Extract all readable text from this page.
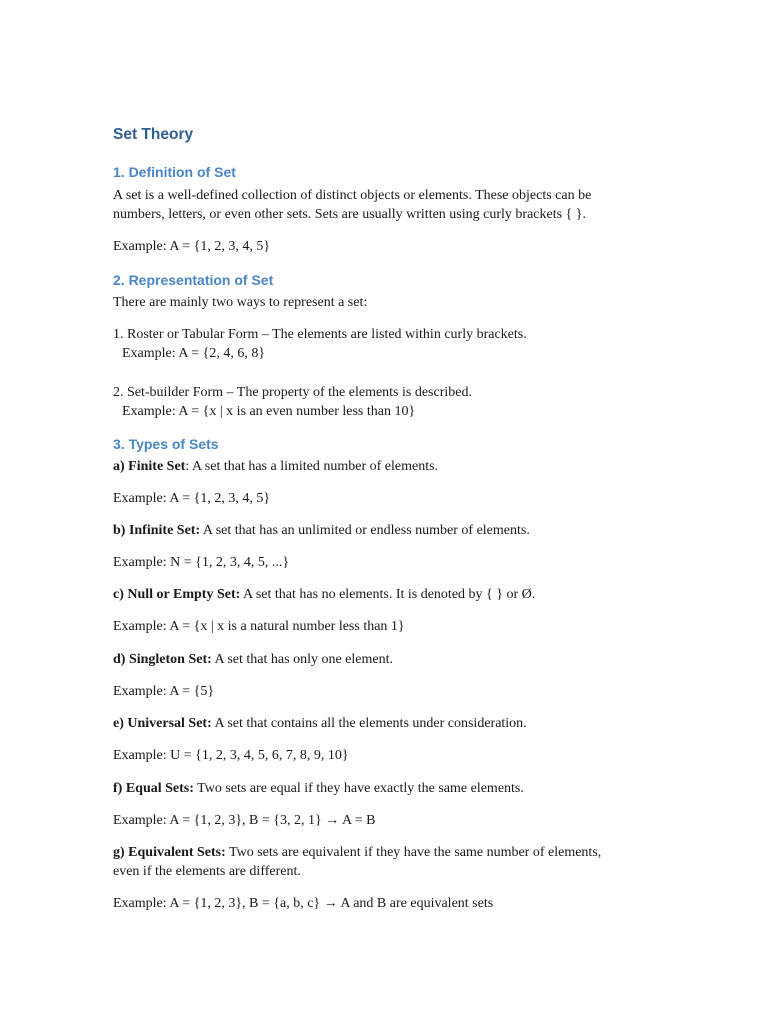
Set Theory
1. Definition of Set
A set is a well-defined collection of distinct objects or elements. These objects can be
numbers, letters, or even other sets. Sets are usually written using curly brackets { }.
Example: A = {1, 2, 3, 4, 5}
2. Representation of Set
There are mainly two ways to represent a set:
1. Roster or Tabular Form – The elements are listed within curly brackets.
Example: A = {2, 4, 6, 8}
2. Set-builder Form – The property of the elements is described.
Example: A = {x | x is an even number less than 10}
3. Types of Sets
a) Finite Set: A set that has a limited number of elements.
Example: A = {1, 2, 3, 4, 5}
b) Infinite Set: A set that has an unlimited or endless number of elements.
Example: N = {1, 2, 3, 4, 5, ...}
c) Null or Empty Set: A set that has no elements. It is denoted by { } or Ø.
Example: A = {x | x is a natural number less than 1}
d) Singleton Set: A set that has only one element.
Example: A = {5}
e) Universal Set: A set that contains all the elements under consideration.
Example: U = {1, 2, 3, 4, 5, 6, 7, 8, 9, 10}
f) Equal Sets: Two sets are equal if they have exactly the same elements.
Example: A = {1, 2, 3}, B = {3, 2, 1} → A = B
g) Equivalent Sets: Two sets are equivalent if they have the same number of elements,
even if the elements are different.
Example: A = {1, 2, 3}, B = {a, b, c} → A and B are equivalent sets
